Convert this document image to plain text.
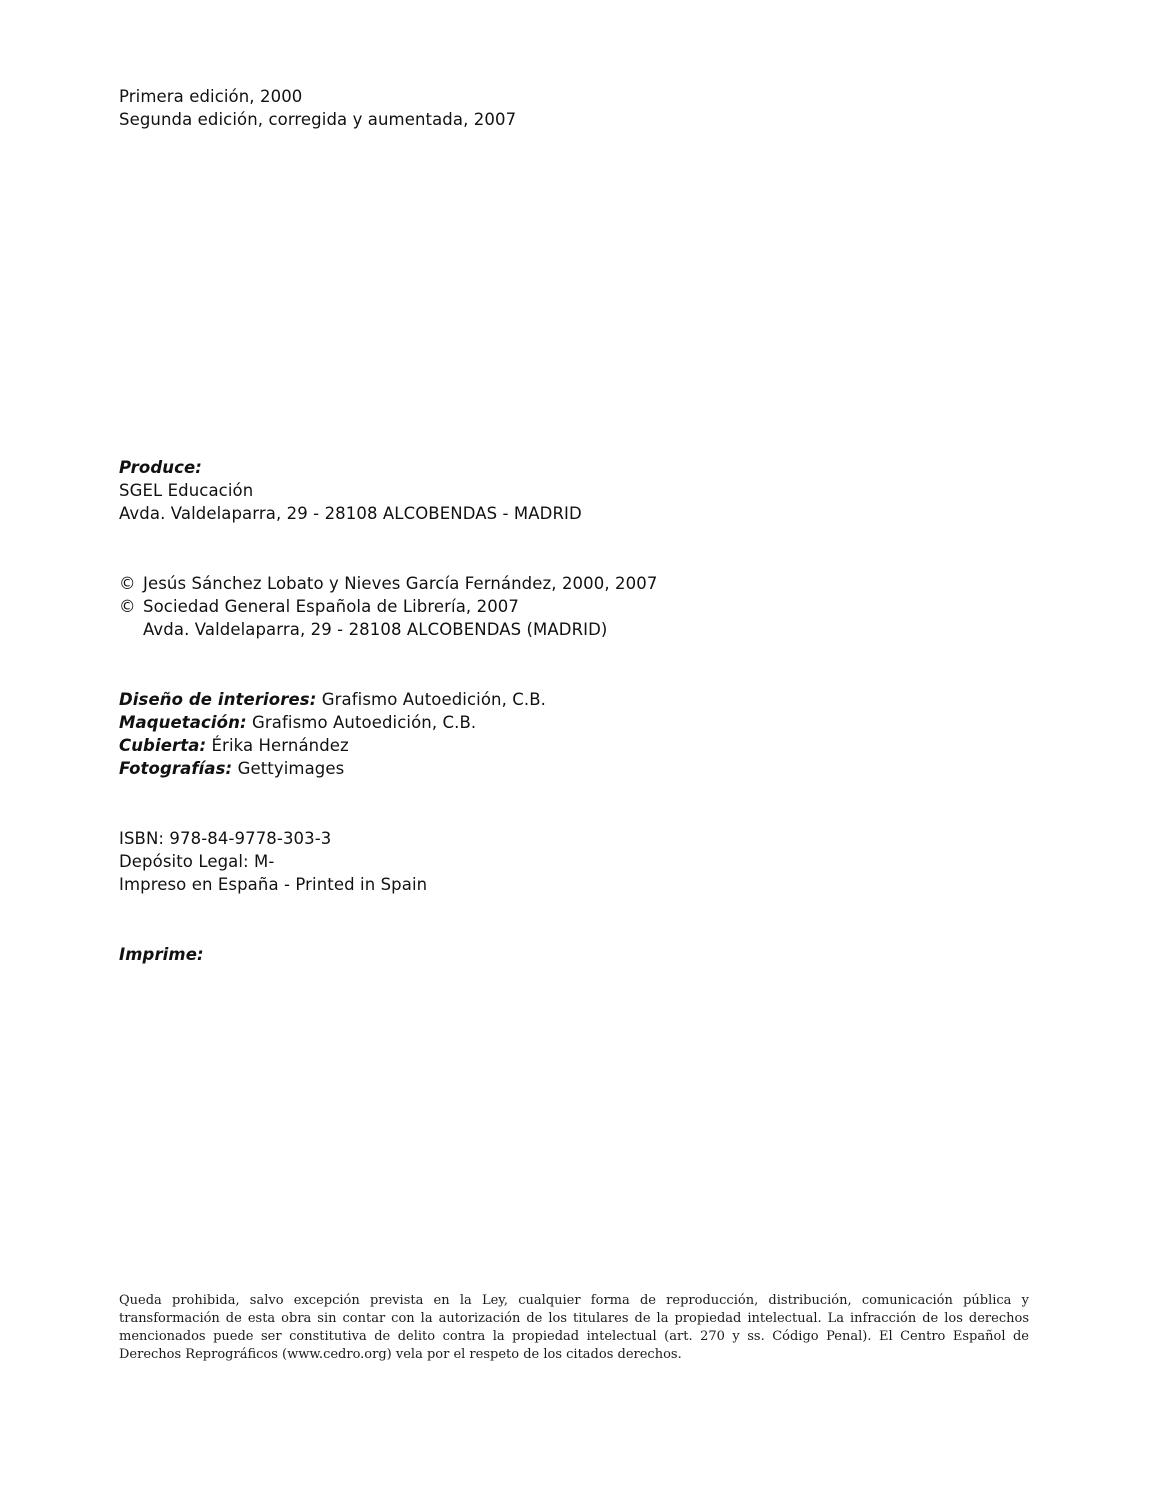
Primera edición, 2000
Segunda edición, corregida y aumentada, 2007
Produce:
SGEL Educación
Avda. Valdelaparra, 29 - 28108 ALCOBENDAS - MADRID
© Jesús Sánchez Lobato y Nieves García Fernández, 2000, 2007
© Sociedad General Española de Librería, 2007
Avda. Valdelaparra, 29 - 28108 ALCOBENDAS (MADRID)
Diseño de interiores: Grafismo Autoedición, C.B.
Maquetación: Grafismo Autoedición, C.B.
Cubierta: Érika Hernández
Fotografías: Gettyimages
ISBN: 978-84-9778-303-3
Depósito Legal: M-
Impreso en España - Printed in Spain
Imprime:
Queda prohibida, salvo excepción prevista en la Ley, cualquier forma de reproducción, distribución, comunicación pública y transformación de esta obra sin contar con la autorización de los titulares de la propiedad intelectual. La infracción de los derechos mencionados puede ser constitutiva de delito contra la propiedad intelectual (art. 270 y ss. Código Penal). El Centro Español de Derechos Reprográficos (www.cedro.org) vela por el respeto de los citados derechos.
